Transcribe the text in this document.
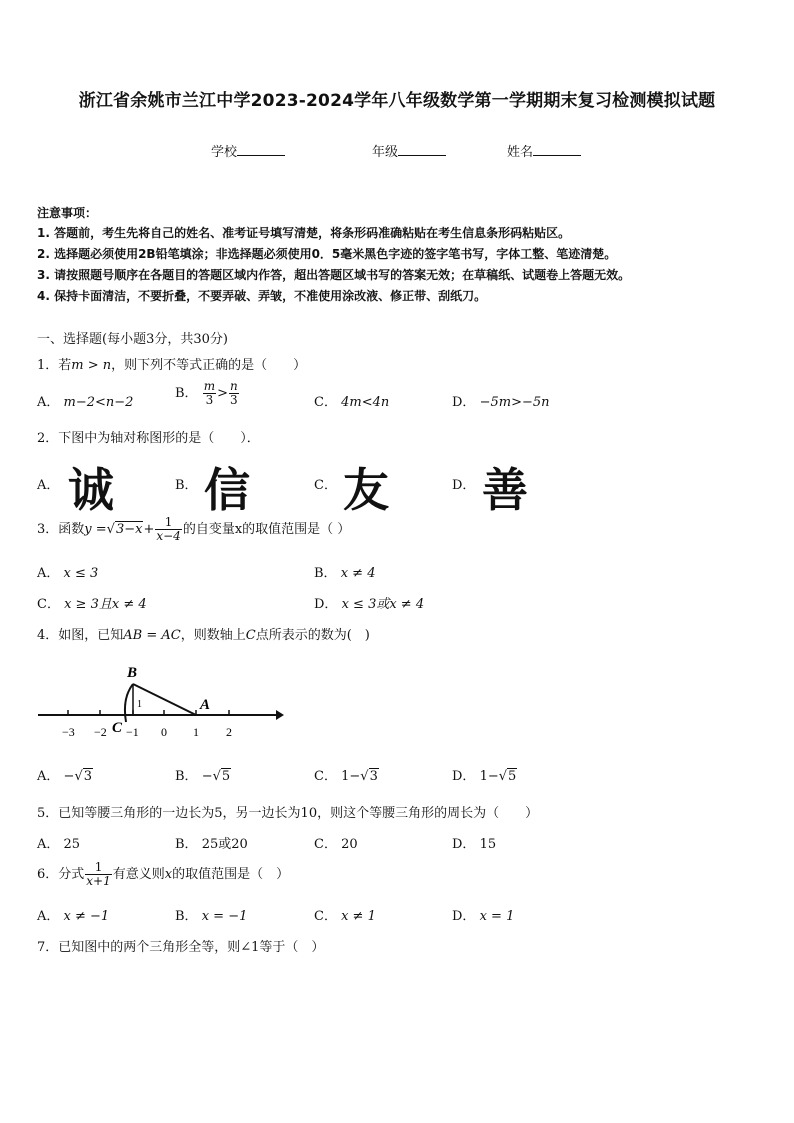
浙江省余姚市兰江中学2023-2024学年八年级数学第一学期期末复习检测模拟试题
学校	年级	姓名
注意事项：
1. 答题前，考生先将自己的姓名、准考证号填写清楚，将条形码准确粘贴在考生信息条形码粘贴区。
2. 选择题必须使用2B铅笔填涂；非选择题必须使用0．5毫米黑色字迹的签字笔书写，字体工整、笔迹清楚。
3. 请按照题号顺序在各题目的答题区域内作答，超出答题区域书写的答案无效；在草稿纸、试题卷上答题无效。
4. 保持卡面清洁，不要折叠，不要弄破、弄皱，不准使用涂改液、修正带、刮纸刀。
一、选择题(每小题3分，共30分)
1．若m > n，则下列不等式正确的是（　　）
A． m−2<n−2
B． $\frac{m}{3} > \frac{n}{3}$	C． 4m<4n	D． −5m>−5n
2．下图中为轴对称图形的是（　　）．
A． 诚	B． 信	C． 友	D． 善
3．函数$y =√3-x+ \frac{1}{x-4}$ 的自变量x的取值范围是（ ）
A． x ≤ 3	B． x ≠ 4
C． x ≥ 3且x ≠ 4	D． x ≤ 3或x ≠ 4
4．如图，已知AB = AC，则数轴上C点所表示的数为(　)
B
A
C
1
−3 −2 −1 0 1 2
A． −√3	B． −√5	C． 1−√3	D． 1−√5
5．已知等腰三角形的一边长为5，另一边长为10，则这个等腰三角形的周长为（　　）
A． 25	B． 25或20	C． 20	D． 15
6．分式 $\frac{1}{x+1}$ 有意义则x的取值范围是（　）
A． x ≠ −1	B． x = −1	C． x ≠ 1	D． x = 1
7．已知图中的两个三角形全等，则∠1等于（　）
